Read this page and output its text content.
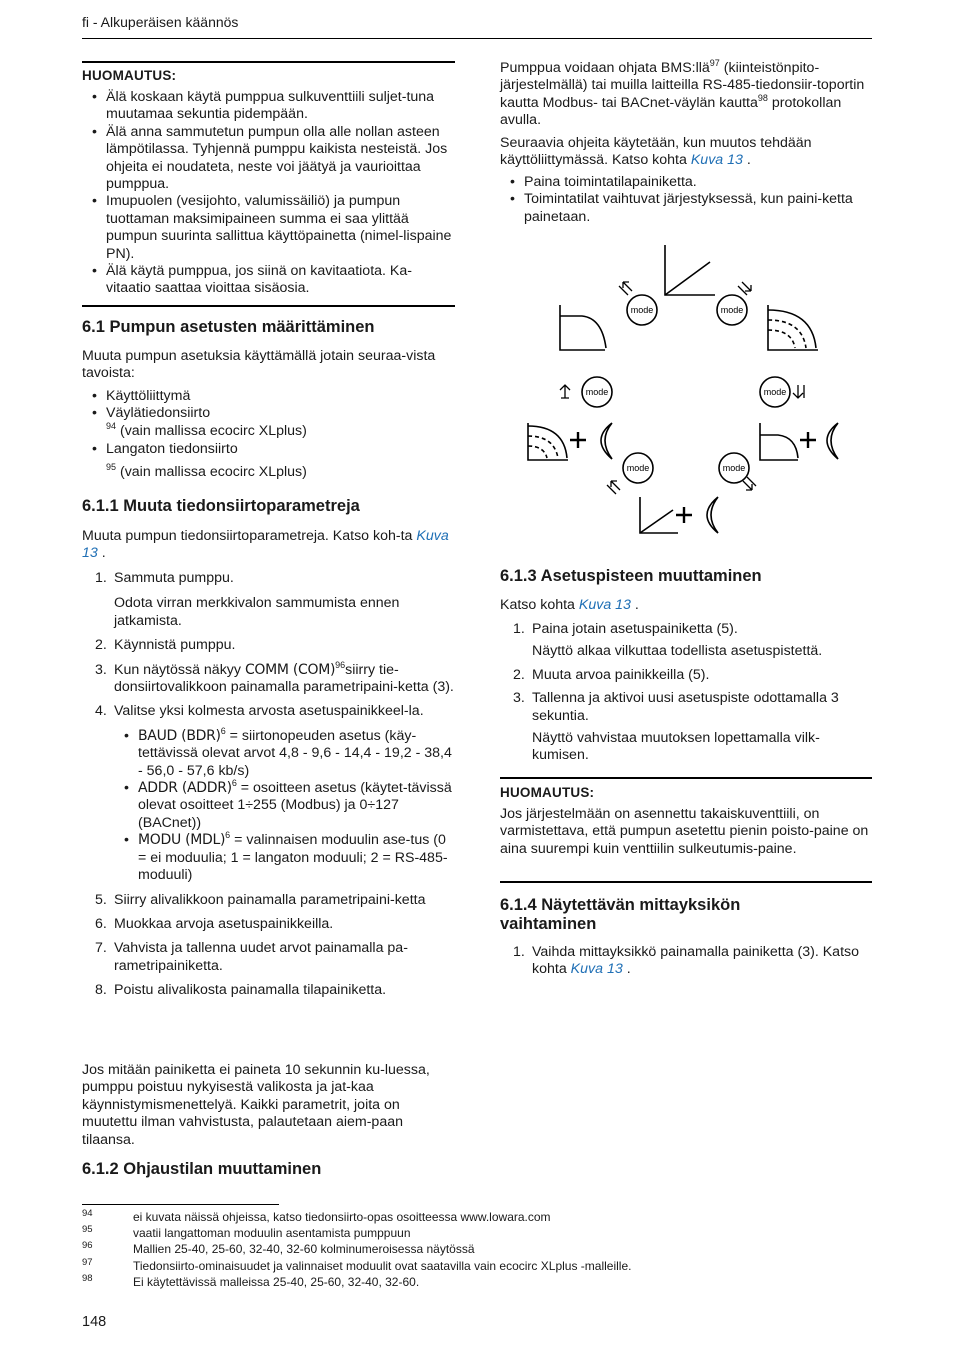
fi - Alkuperäisen käännös
HUOMAUTUS:
• Älä koskaan käytä pumppua sulkuventtiili suljet-tuna muutamaa sekuntia pidempään.
• Älä anna sammutetun pumpun olla alle nollan asteen lämpötilassa. Tyhjennä pumppu kaikista nesteistä. Jos ohjeita ei noudateta, neste voi jäätyä ja vaurioittaa pumppua.
• Imupuolen (vesijohto, valumissäiliö) ja pumpun tuottaman maksimipaineen summa ei saa ylittää pumpun suurinta sallittua käyttöpainetta (nimel-lispaine PN).
• Älä käytä pumppua, jos siinä on kavitaatiota. Ka-vitaatio saattaa vioittaa sisäosia.
6.1 Pumpun asetusten määrittäminen

Muuta pumpun asetuksia käyttämällä jotain seuraa-vista tavoista:

• Käyttöliittymä
• Väylätiedonsiirto
$^{94}$ (vain mallissa ecocirc XLplus)
• Langaton tiedonsiirto
$^{95}$ (vain mallissa ecocirc XLplus)
6.1.1 Muuta tiedonsiirtoparametreja

Muuta pumpun tiedonsiirtoparametreja. Katso koh-ta Kuva 13 .

1. Sammuta pumppu.

Odota virran merkkivalon sammumista ennen jatkamista.

2. Käynnistä pumppu.
3. Kun näytössä näkyy COMM (COM)$^{96}$siirry tie-donsiirtovalikkoon painamalla parametripaini-ketta (3).
4. Valitse yksi kolmesta arvosta asetuspainikkeel-la.
• BAUD (BDR)$^6$ = siirtonopeuden asetus (käy-tettävissä olevat arvot 4,8 - 9,6 - 14,4 - 19,2 - 38,4 - 56,0 - 57,6 kb/s)
• ADDR (ADDR)$^6$ = osoitteen asetus (käytet-tävissä olevat osoitteet 1÷255 (Modbus) ja 0÷127 (BACnet))
• MODU (MDL)$^6$ = valinnaisen moduulin ase-tus (0 = ei moduulia; 1 = langaton moduuli; 2 = RS-485-moduuli)
5. Siirry alivalikkoon painamalla parametripaini-ketta
6. Muokkaa arvoja asetuspainikkeilla.
7. Vahvista ja tallenna uudet arvot painamalla pa-rametripainiketta.
8. Poistu alivalikosta painamalla tilapainiketta.

Jos mitään painiketta ei paineta 10 sekunnin ku-luessa, pumppu poistuu nykyisestä valikosta ja jat-kaa käynnistymismenettelyä. Kaikki parametrit, joita on muutettu ilman vahvistusta, palautetaan aiem-paan tilaansa.

6.1.2 Ohjaustilan muuttaminen

Pumppua voidaan ohjata BMS:llä$^{97}$ (kiinteistönpito-järjestelmällä) tai muilla laitteilla RS-485-tiedonsiir-toportin kautta Modbus- tai BACnet-väylän kautta$^{98}$ protokollan avulla.

Seuraavia ohjeita käytetään, kun muutos tehdään käyttöliittymässä. Katso kohta Kuva 13 .

• Paina toimintatilapainiketta.
• Toimintatilat vaihtuvat järjestyksessä, kun paini-ketta painetaan.
mode	mode
mode	mode
mode	mode
6.1.3 Asetuspisteen muuttaminen

Katso kohta Kuva 13 .

1. Paina jotain asetuspainiketta (5).

Näyttö alkaa vilkuttaa todellista asetuspistettä.

2. Muuta arvoa painikkeilla (5).
3. Tallenna ja aktivoi uusi asetuspiste odottamalla 3 sekuntia.

Näyttö vahvistaa muutoksen lopettamalla vilk-kumisen.

HUOMAUTUS:

Jos järjestelmään on asennettu takaiskuventtiili, on varmistettava, että pumpun asetettu pienin poisto-paine on aina suurempi kuin venttiilin sulkeutumis-paine.

6.1.4 Näytettävän mittayksikön vaihtaminen
1. Vaihda mittayksikkö painamalla painiketta (3). Katso kohta Kuva 13 .
94	ei kuvata näissä ohjeissa, katso tiedonsiirto-opas osoitteessa www.lowara.com
95	vaatii langattoman moduulin asentamista pumppuun
96	Mallien 25-40, 25-60, 32-40, 32-60 kolminumeroisessa näytössä
97	Tiedonsiirto-ominaisuudet ja valinnaiset moduulit ovat saatavilla vain ecocirc XLplus -malleille.
98	Ei käytettävissä malleissa 25-40, 25-60, 32-40, 32-60.
148
